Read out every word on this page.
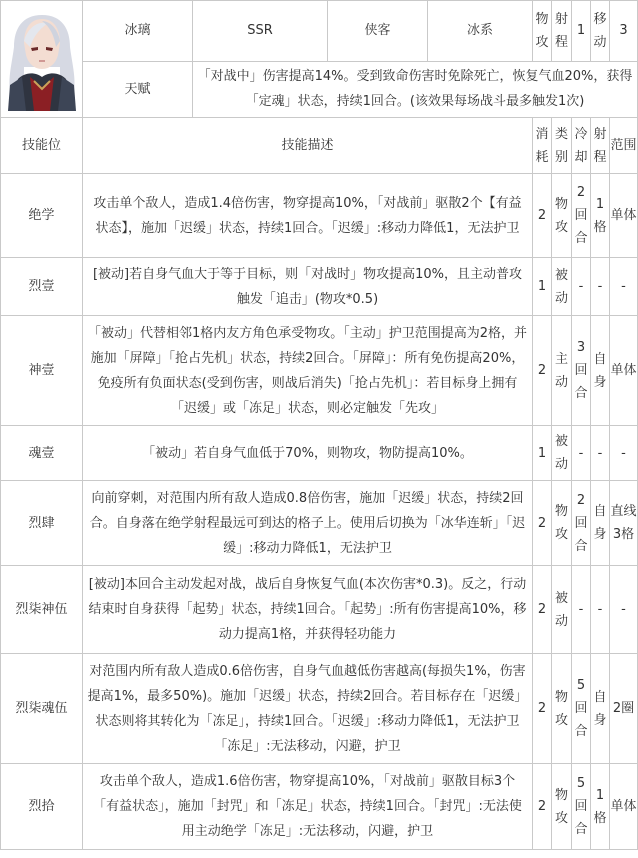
	冰璃	SSR	侠客	冰系	物攻	射程	1	移动	3
	天赋	「对战中」伤害提高14%。受到致命伤害时免除死亡，恢复气血20%，获得「定魂」状态，持续1回合。(该效果每场战斗最多触发1次)							
技能位	技能描述				消耗	类别	冷却	射程	范围
绝学	攻击单个敌人，造成1.4倍伤害，物穿提高10%，「对战前」驱散2个【有益状态】，施加「迟缓」状态，持续1回合。「迟缓」:移动力降低1，无法护卫				2	物攻	2回合	1格	单体
烈壹	[被动]若自身气血大于等于目标，则「对战时」物攻提高10%，且主动普攻触发「追击」(物攻*0.5)				1	被动	-	-	-
神壹	「被动」代替相邻1格内友方角色承受物攻。「主动」护卫范围提高为2格，并施加「屏障」「抢占先机」状态，持续2回合。「屏障」：所有免伤提高20%，免疫所有负面状态(受到伤害，则战后消失)「抢占先机」：若目标身上拥有「迟缓」或「冻足」状态，则必定触发「先攻」				2	主动	3回合	自身	单体
魂壹	「被动」若自身气血低于70%，则物攻，物防提高10%。				1	被动	-	-	-
烈肆	向前穿刺，对范围内所有敌人造成0.8倍伤害，施加「迟缓」状态，持续2回合。自身落在绝学射程最远可到达的格子上。使用后切换为「冰华连斩」「迟缓」:移动力降低1，无法护卫				2	物攻	2回合	自身	直线3格
烈柒神伍	[被动]本回合主动发起对战，战后自身恢复气血(本次伤害*0.3)。反之，行动结束时自身获得「起势」状态，持续1回合。「起势」:所有伤害提高10%，移动力提高1格，并获得轻功能力				2	被动	-	-	-
烈柒魂伍	对范围内所有敌人造成0.6倍伤害，自身气血越低伤害越高(每损失1%，伤害提高1%，最多50%)。施加「迟缓」状态，持续2回合。若目标存在「迟缓」状态则将其转化为「冻足」，持续1回合。「迟缓」:移动力降低1，无法护卫「冻足」:无法移动，闪避，护卫				2	物攻	5回合	自身	2圈
烈拾	攻击单个敌人，造成1.6倍伤害，物穿提高10%，「对战前」驱散目标3个「有益状态」，施加「封咒」和「冻足」状态，持续1回合。「封咒」:无法使用主动绝学「冻足」:无法移动，闪避，护卫				2	物攻	5回合	1格	单体
